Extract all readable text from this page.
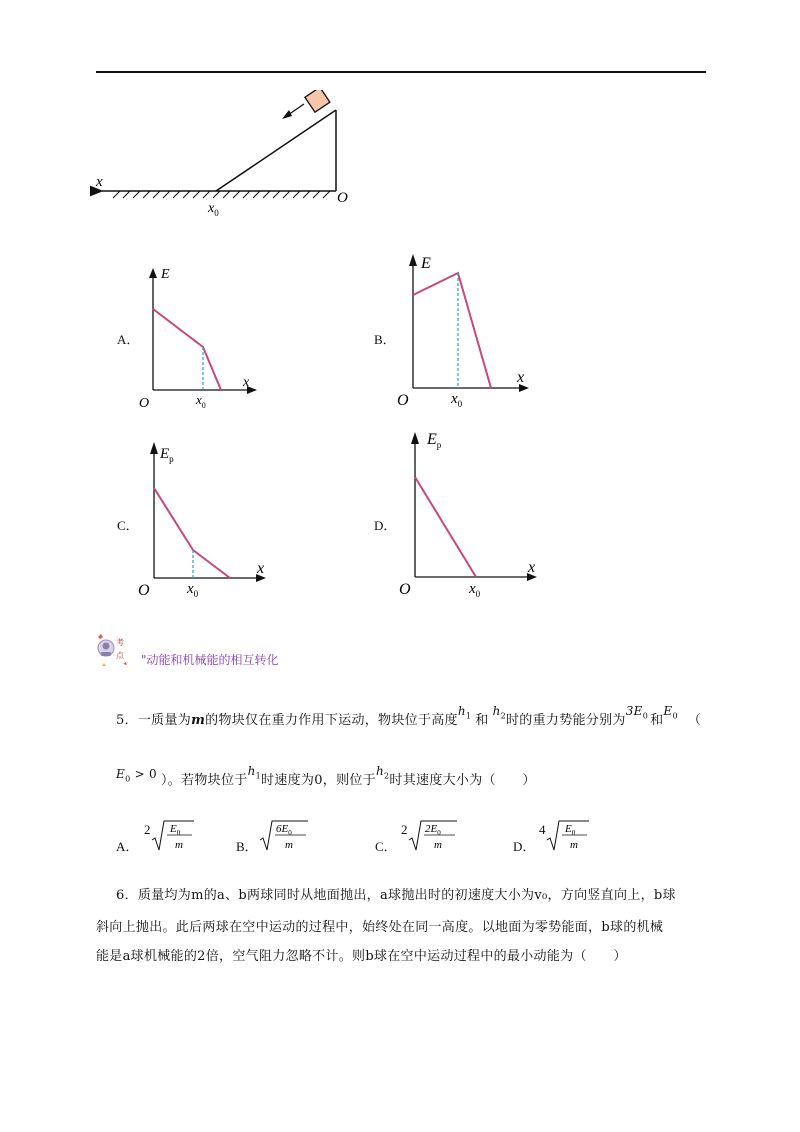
x
O
$x_0$
A．
E
x
O	$x_0$
B．
E
x
O	$x_0$
C．
$E_p$
x
O $x_0$
D．
$E_p$
x
O	$x_0$
考
点 "动能和机械能的相互转化
5．一质量为m的物块仅在重力作用下运动，物块位于高度$h_1$ 和$h_2$时的重力势能分别为$3E_0$ 和$E_0$ （
$E_0 > 0$ ）。若物块位于$h_1$时速度为0，则位于$h_2$时其速度大小为（　　）
A．
2 $E_0$
m	B．
$6E_0$
m	C．
2 $2E_0$
m	D．
4 $E_0$
m
6．质量均为m的a、b两球同时从地面抛出，a球抛出时的初速度大小为v₀，方向竖直向上，b球
斜向上抛出。此后两球在空中运动的过程中，始终处在同一高度。以地面为零势能面，b球的机械
能是a球机械能的2倍，空气阻力忽略不计。则b球在空中运动过程中的最小动能为（　　）
